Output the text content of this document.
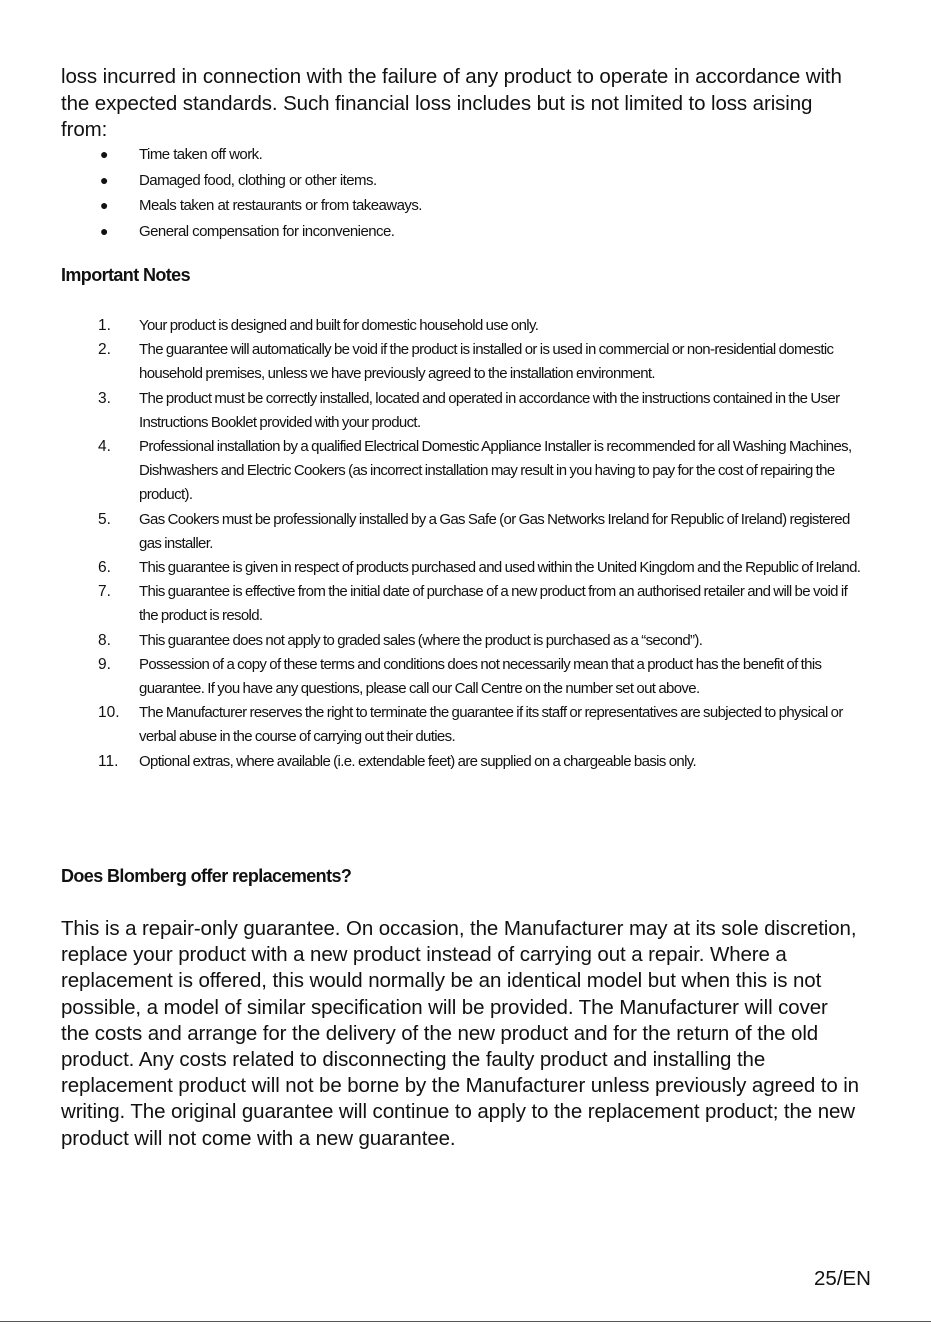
loss incurred in connection with the failure of any product to operate in accordance with the expected standards. Such financial loss includes but is not limited to loss arising from:

● Time taken off work.
● Damaged food, clothing or other items.
● Meals taken at restaurants or from takeaways.
● General compensation for inconvenience.
Important Notes
1.	Your product is designed and built for domestic household use only.
2.	The guarantee will automatically be void if the product is installed or is used in commercial or non-residential domestic household premises, unless we have previously agreed to the installation environment.
3.	The product must be correctly installed, located and operated in accordance with the instructions contained in the User Instructions Booklet provided with your product.
4.	Professional installation by a qualified Electrical Domestic Appliance Installer is recommended for all Washing Machines, Dishwashers and Electric Cookers (as incorrect installation may result in you having to pay for the cost of repairing the product).
5.	Gas Cookers must be professionally installed by a Gas Safe (or Gas Networks Ireland for Republic of Ireland) registered gas installer.
6.	This guarantee is given in respect of products purchased and used within the United Kingdom and the Republic of Ireland.
7.	This guarantee is effective from the initial date of purchase of a new product from an authorised retailer and will be void if the product is resold.
8.	This guarantee does not apply to graded sales (where the product is purchased as a “second”).
9.	Possession of a copy of these terms and conditions does not necessarily mean that a product has the benefit of this guarantee. If you have any questions, please call our Call Centre on the number set out above.
10.	The Manufacturer reserves the right to terminate the guarantee if its staff or representatives are subjected to physical or verbal abuse in the course of carrying out their duties.
11.	Optional extras, where available (i.e. extendable feet) are supplied on a chargeable basis only.
Does Blomberg offer replacements?

This is a repair-only guarantee. On occasion, the Manufacturer may at its sole discretion, replace your product with a new product instead of carrying out a repair. Where a replacement is offered, this would normally be an identical model but when this is not possible, a model of similar specification will be provided. The Manufacturer will cover the costs and arrange for the delivery of the new product and for the return of the old product. Any costs related to disconnecting the faulty product and installing the replacement product will not be borne by the Manufacturer unless previously agreed to in writing. The original guarantee will continue to apply to the replacement product; the new product will not come with a new guarantee.

25/EN
